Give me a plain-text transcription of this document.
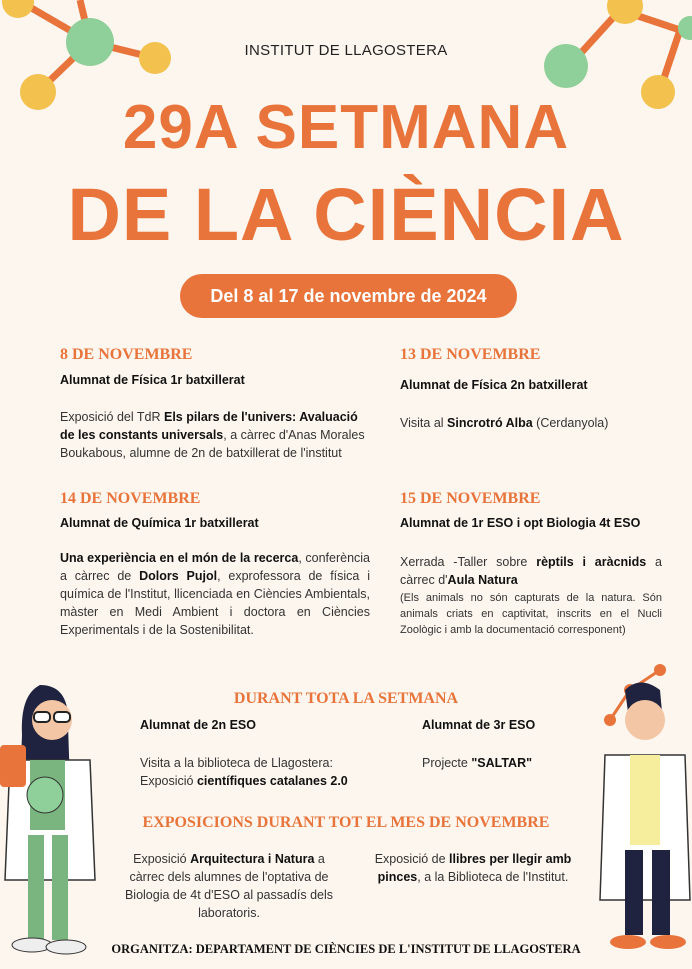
INSTITUT DE LLAGOSTERA
29A SETMANA
DE LA CIÈNCIA
Del 8 al 17 de novembre de 2024
8 DE NOVEMBRE
Alumnat de Física 1r batxillerat
Exposició del TdR Els pilars de l'univers: Avaluació de les constants universals, a càrrec d'Anas Morales Boukabous, alumne de 2n de batxillerat de l'institut
13 DE NOVEMBRE
Alumnat de Física 2n batxillerat
Visita al Sincrotró Alba (Cerdanyola)
14 DE NOVEMBRE
Alumnat de Química 1r batxillerat
Una experiència en el món de la recerca, conferència a càrrec de Dolors Pujol, exprofessora de física i química de l'Institut, llicenciada en Ciències Ambientals, màster en Medi Ambient i doctora en Ciències Experimentals i de la Sostenibilitat.
15 DE NOVEMBRE
Alumnat de 1r ESO i opt Biologia 4t ESO
Xerrada -Taller sobre rèptils i aràcnids a càrrec d'Aula Natura
(Els animals no són capturats de la natura. Són animals criats en captivitat, inscrits en el Nucli Zoològic i amb la documentació corresponent)
DURANT TOTA LA SETMANA
Alumnat de 2n ESO
Visita a la biblioteca de Llagostera:
Exposició científiques catalanes 2.0
Alumnat de 3r ESO
Projecte "SALTAR"
EXPOSICIONS DURANT TOT EL MES DE NOVEMBRE
Exposició Arquitectura i Natura a càrrec dels alumnes de l'optativa de Biologia de 4t d'ESO al passadís dels laboratoris.
Exposició de llibres per llegir amb pinces, a la Biblioteca de l'Institut.
ORGANITZA: DEPARTAMENT DE CIÈNCIES DE L'INSTITUT DE LLAGOSTERA
